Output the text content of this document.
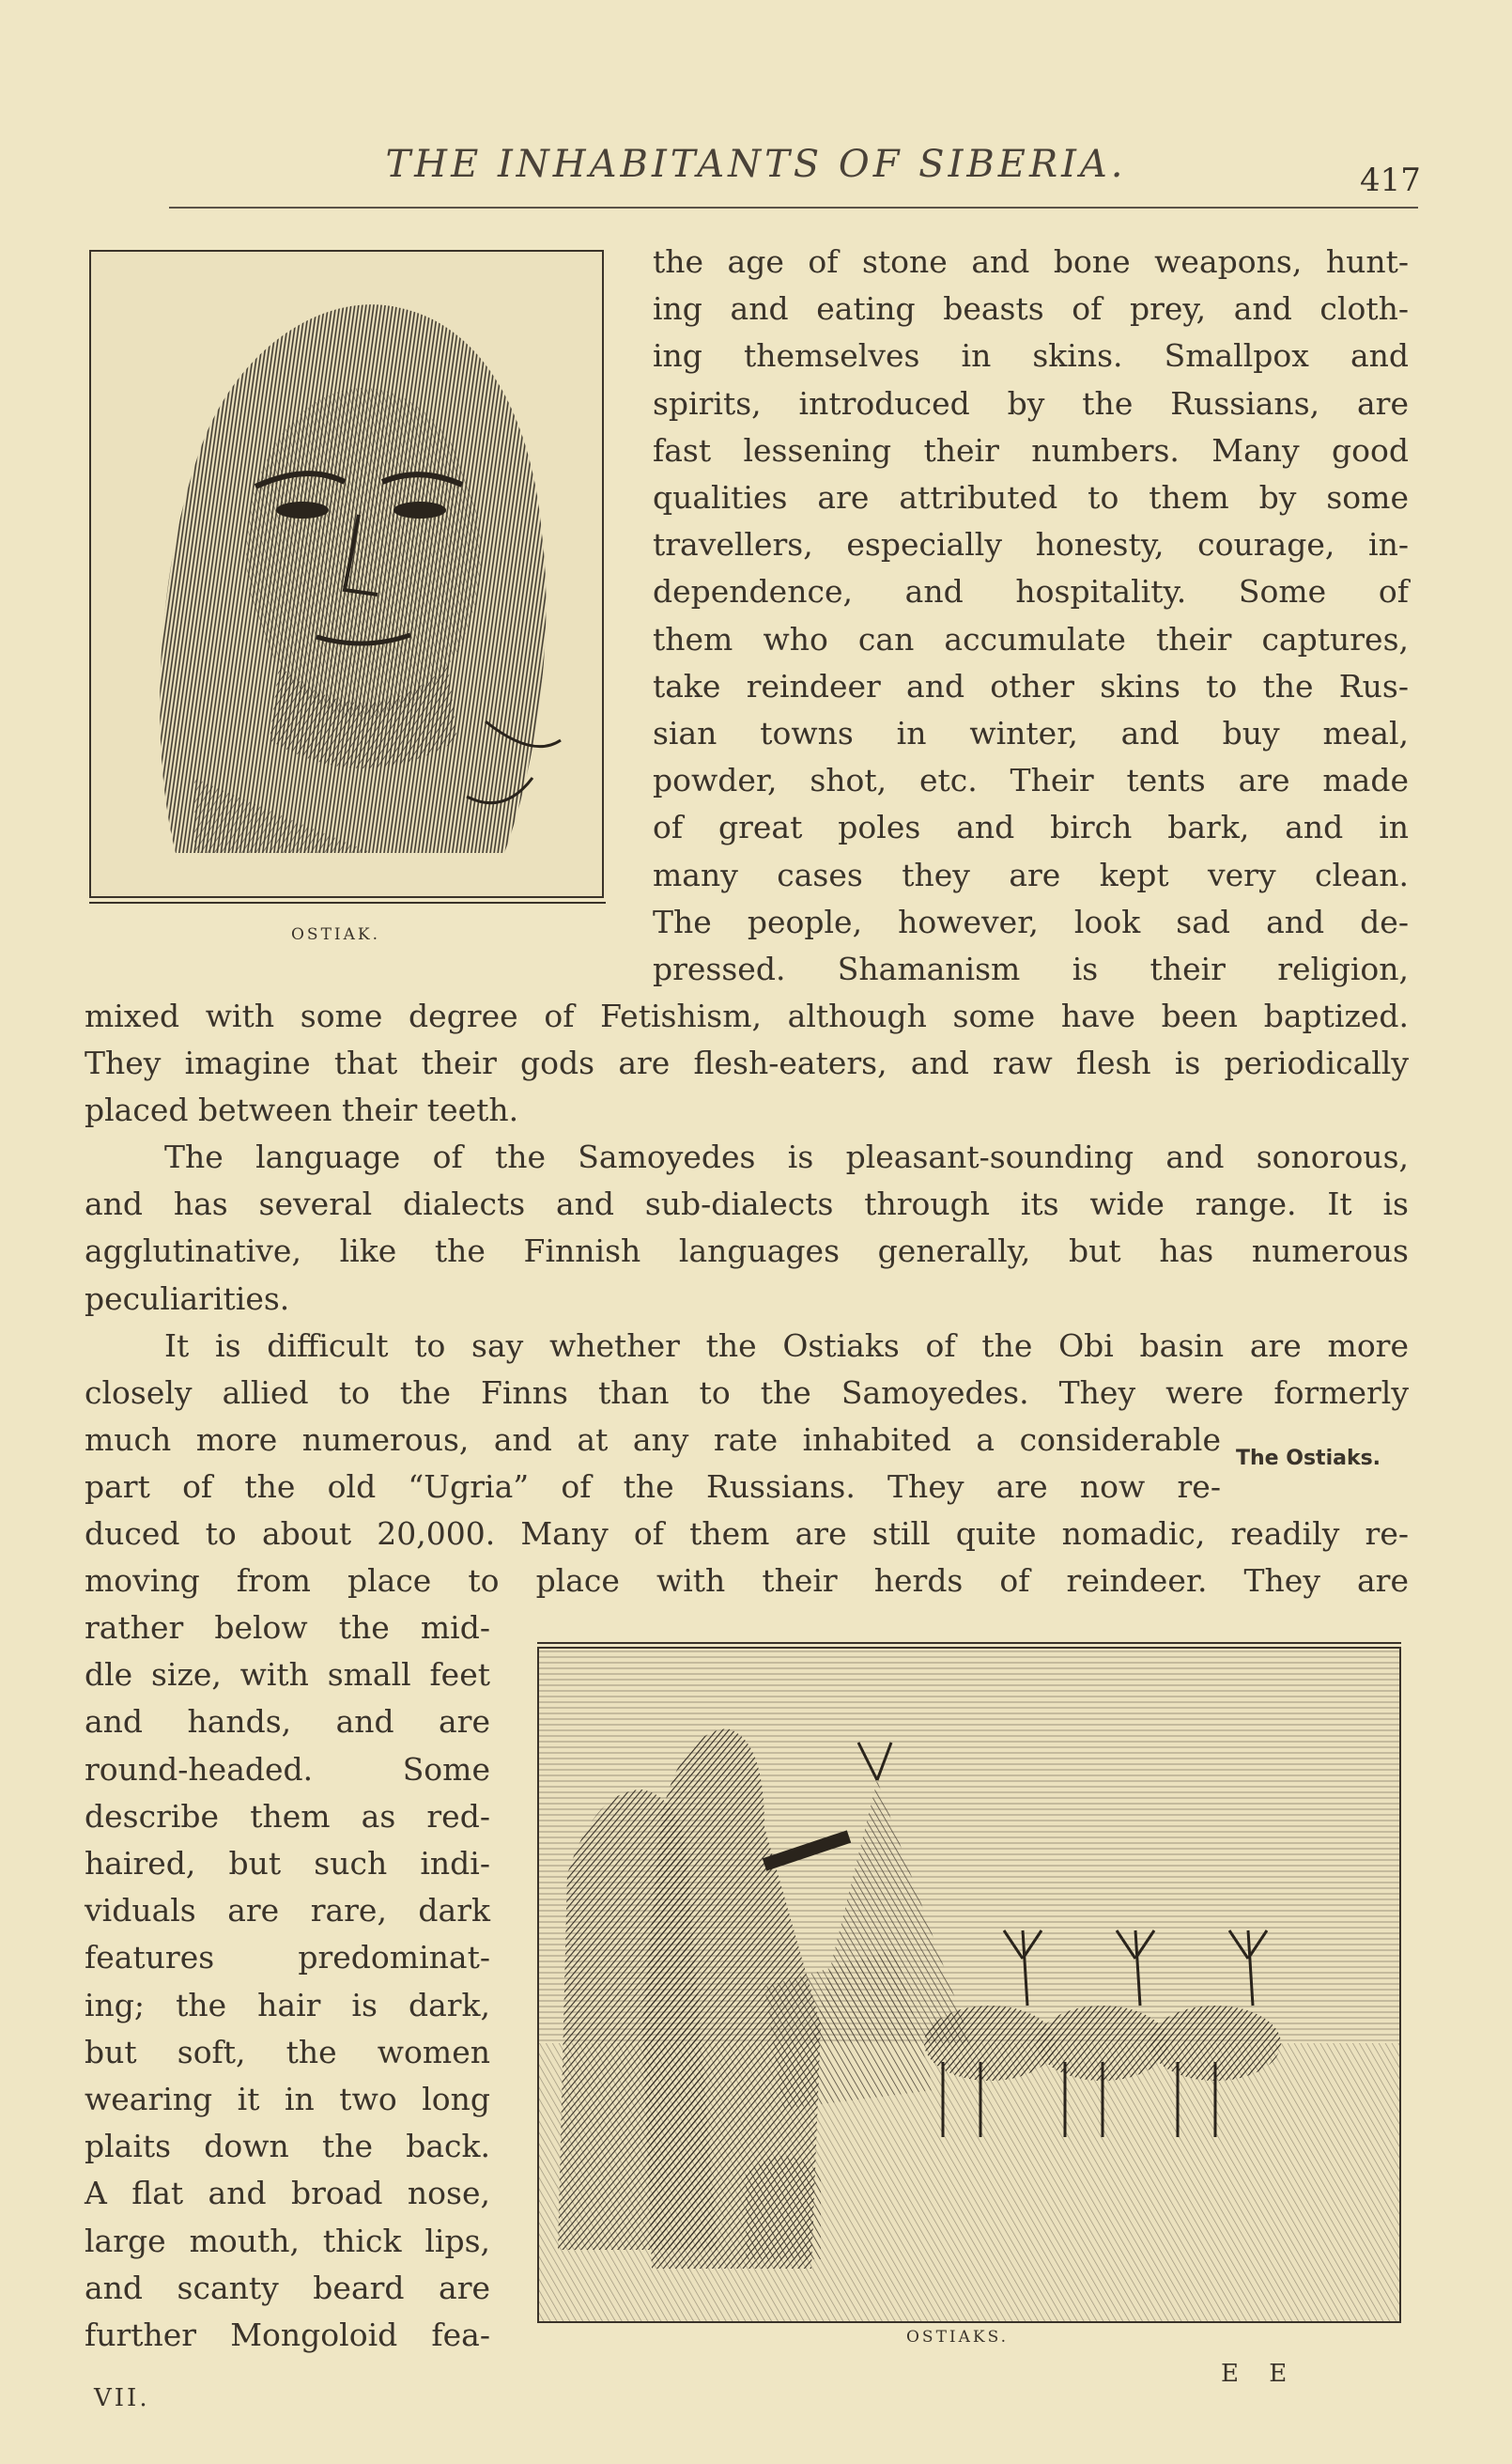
THE INHABITANTS OF SIBERIA.	417
OSTIAK.
the age of stone and bone weapons, hunt-
ing and eating beasts of prey, and cloth-
ing themselves in skins. Smallpox and
spirits, introduced by the Russians, are
fast lessening their numbers. Many good
qualities are attributed to them by some
travellers, especially honesty, courage, in-
dependence, and hospitality. Some of
them who can accumulate their captures,
take reindeer and other skins to the Rus-
sian towns in winter, and buy meal,
powder, shot, etc. Their tents are made
of great poles and birch bark, and in
many cases they are kept very clean.
The people, however, look sad and de-
pressed. Shamanism is their religion,
mixed with some degree of Fetishism, although some have been baptized.
They imagine that their gods are flesh-eaters, and raw flesh is periodically
placed between their teeth.
The language of the Samoyedes is pleasant-sounding and sonorous,
and has several dialects and sub-dialects through its wide range. It is
agglutinative, like the Finnish languages generally, but has numerous
peculiarities.
It is difficult to say whether the Ostiaks of the Obi basin are more
closely allied to the Finns than to the Samoyedes. They were formerly
much more numerous, and at any rate inhabited a considerable
part of the old “Ugria” of the Russians. They are now re-
The Ostiaks.
duced to about 20,000. Many of them are still quite nomadic, readily re-
moving from place to place with their herds of reindeer. They are
rather below the mid-
dle size, with small feet
and hands, and are
round-headed. Some
describe them as red-
haired, but such indi-
viduals are rare, dark
features predominat-
ing; the hair is dark,
but soft, the women
wearing it in two long
plaits down the back.
A flat and broad nose,
large mouth, thick lips,
and scanty beard are
further Mongoloid fea-	OSTIAKS.
VII.
E E
